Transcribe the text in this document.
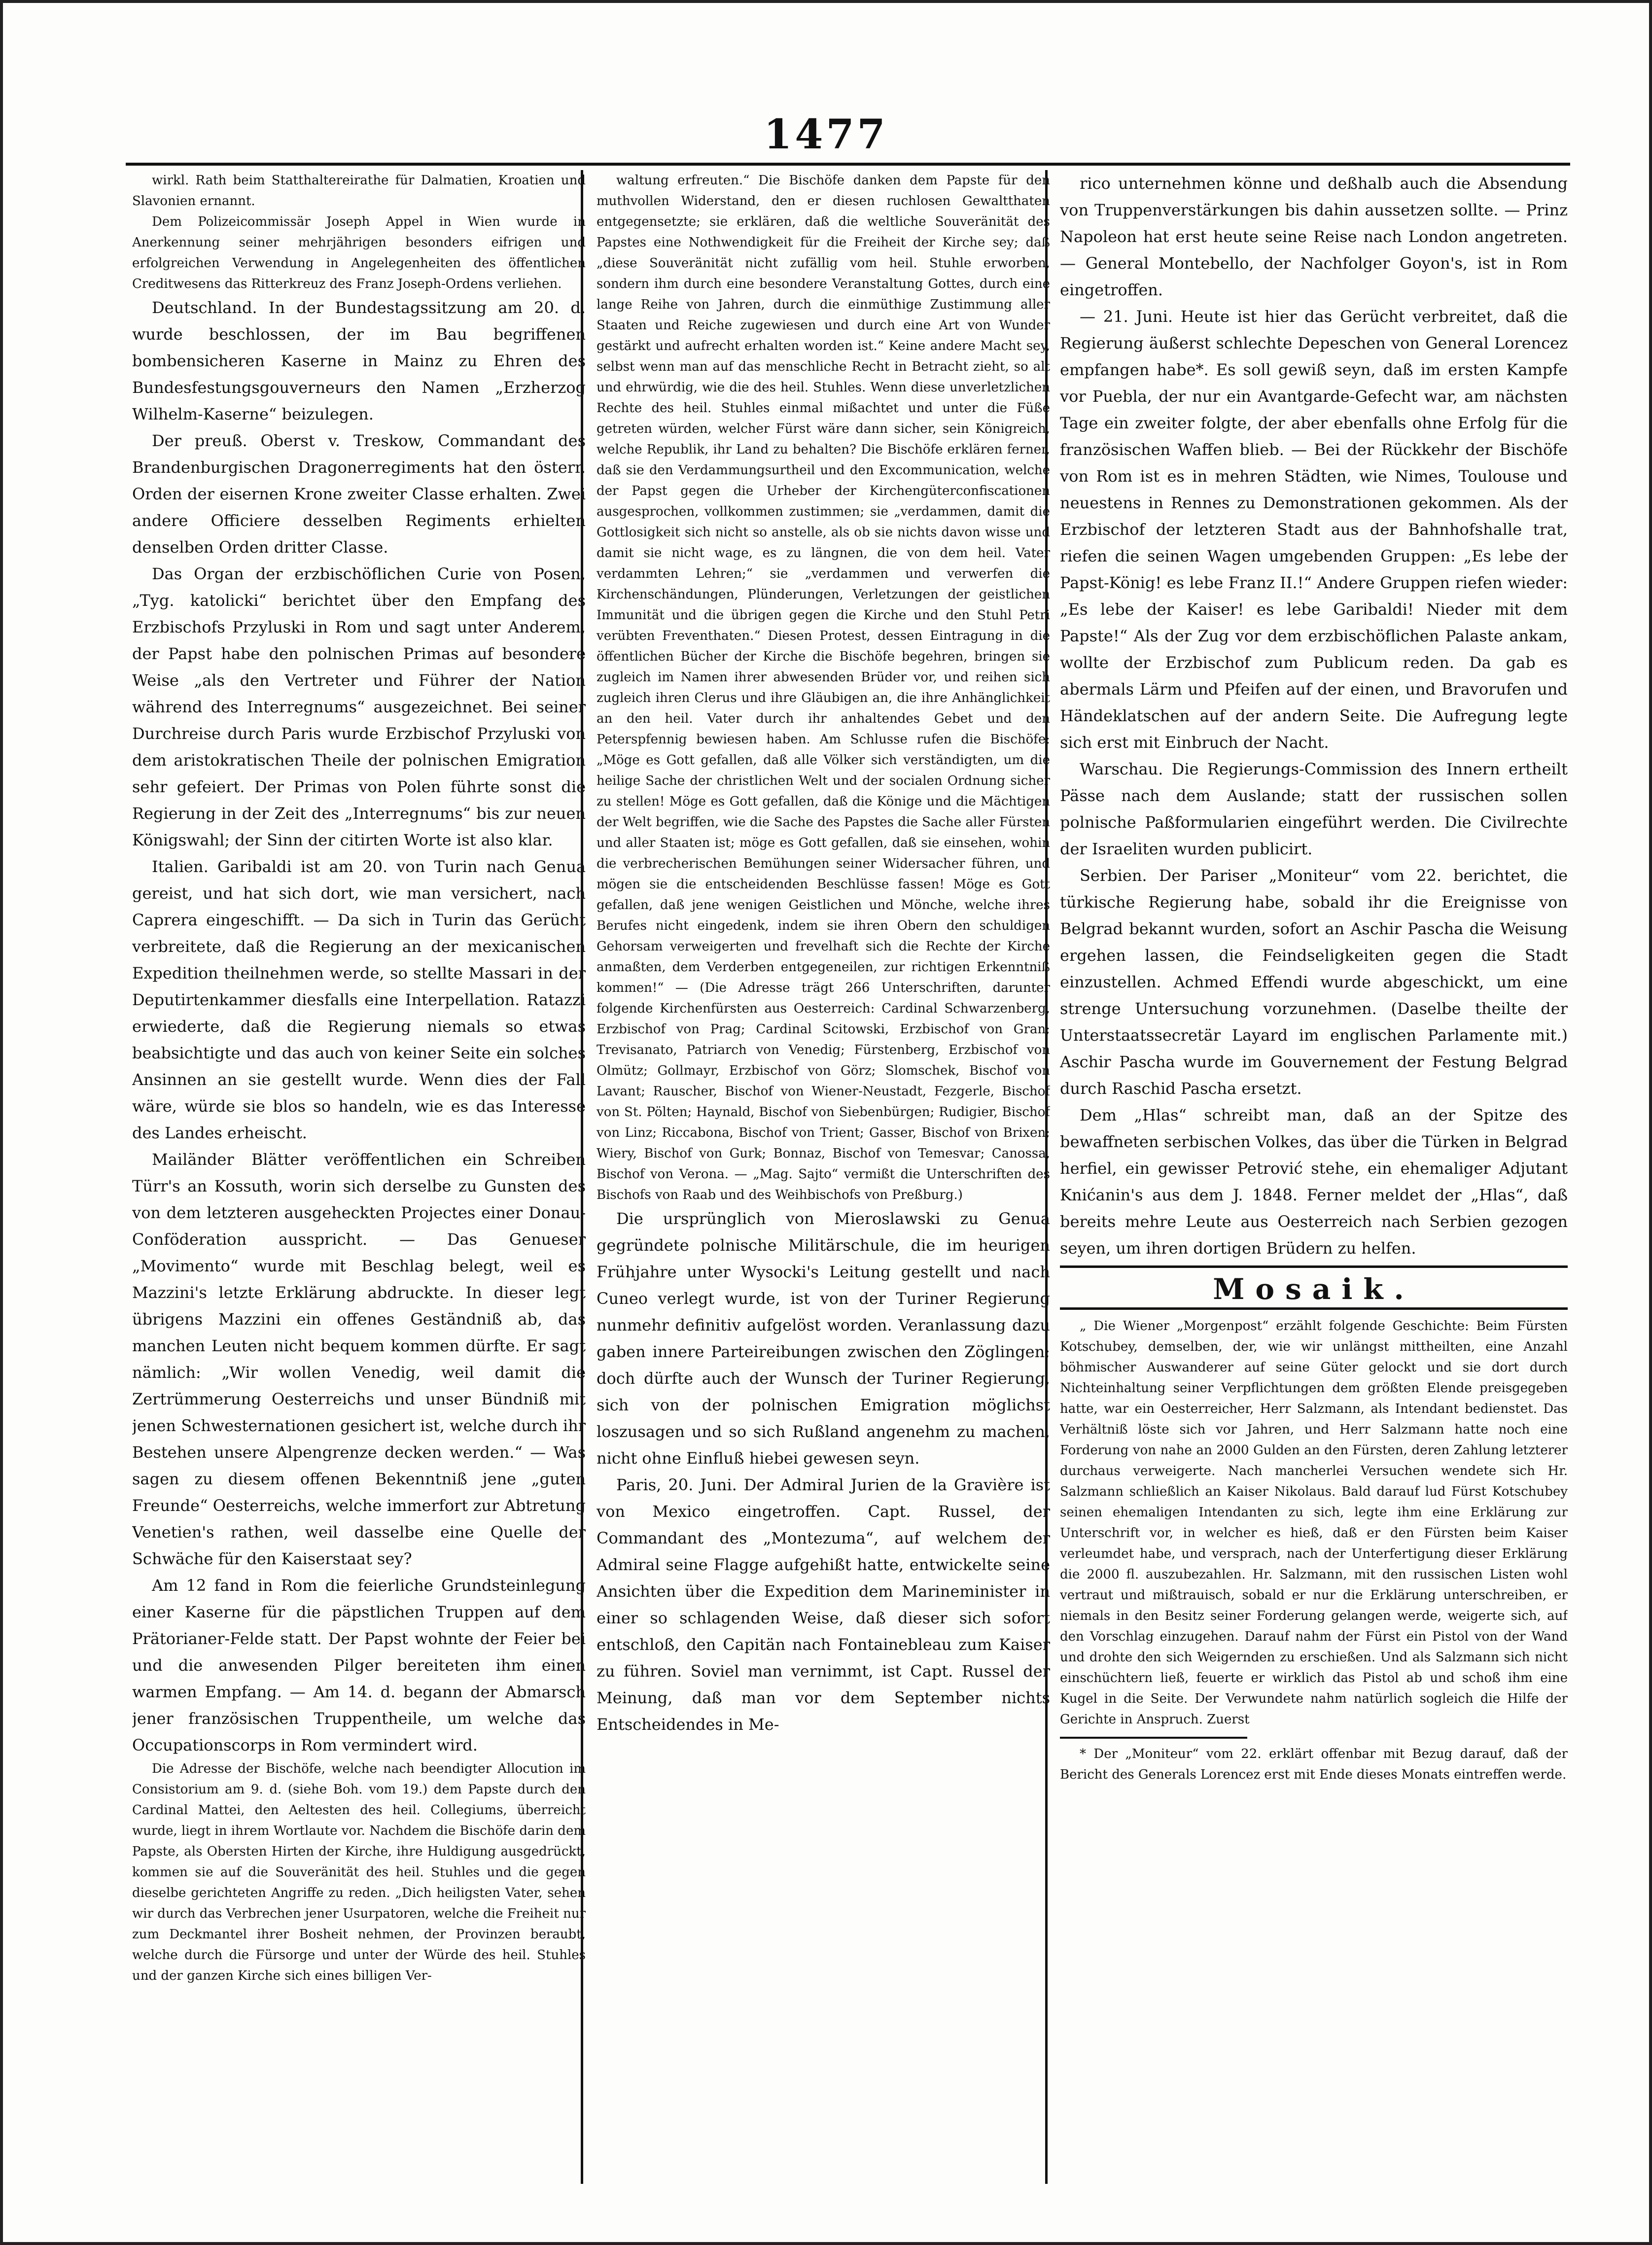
1477

wirkl. Rath beim Statthaltereirathe für Dalmatien, Kroatien und Slavonien ernannt.

Dem Polizeicommissär Joseph Appel in Wien wurde in Anerkennung seiner mehrjährigen besonders eifrigen und erfolgreichen Verwendung in Angelegenheiten des öffentlichen Creditwesens das Ritterkreuz des Franz Joseph-Ordens verliehen.

Deutschland. In der Bundestagssitzung am 20. d. wurde beschlossen, der im Bau begriffenen bombensicheren Kaserne in Mainz zu Ehren des Bundesfestungsgouverneurs den Namen „Erzherzog Wilhelm-Kaserne“ beizulegen.

Der preuß. Oberst v. Treskow, Commandant des Brandenburgischen Dragonerregiments hat den österr. Orden der eisernen Krone zweiter Classe erhalten. Zwei andere Officiere desselben Regiments erhielten denselben Orden dritter Classe.

Das Organ der erzbischöflichen Curie von Posen, „Tyg. katolicki“ berichtet über den Empfang des Erzbischofs Przyluski in Rom und sagt unter Anderem, der Papst habe den polnischen Primas auf besondere Weise „als den Vertreter und Führer der Nation während des Interregnums“ ausgezeichnet. Bei seiner Durchreise durch Paris wurde Erzbischof Przyluski von dem aristokratischen Theile der polnischen Emigration sehr gefeiert. Der Primas von Polen führte sonst die Regierung in der Zeit des „Interregnums“ bis zur neuen Königswahl; der Sinn der citirten Worte ist also klar.

Italien. Garibaldi ist am 20. von Turin nach Genua gereist, und hat sich dort, wie man versichert, nach Caprera eingeschifft. — Da sich in Turin das Gerücht verbreitete, daß die Regierung an der mexicanischen Expedition theilnehmen werde, so stellte Massari in der Deputirtenkammer diesfalls eine Interpellation. Ratazzi erwiederte, daß die Regierung niemals so etwas beabsichtigte und das auch von keiner Seite ein solches Ansinnen an sie gestellt wurde. Wenn dies der Fall wäre, würde sie blos so handeln, wie es das Interesse des Landes erheischt.

Mailänder Blätter veröffentlichen ein Schreiben Türr's an Kossuth, worin sich derselbe zu Gunsten des von dem letzteren ausgeheckten Projectes einer Donau-Conföderation ausspricht. — Das Genueser „Movimento“ wurde mit Beschlag belegt, weil es Mazzini's letzte Erklärung abdruckte. In dieser legt übrigens Mazzini ein offenes Geständniß ab, das manchen Leuten nicht bequem kommen dürfte. Er sagt nämlich: „Wir wollen Venedig, weil damit die Zertrümmerung Oesterreichs und unser Bündniß mit jenen Schwesternationen gesichert ist, welche durch ihr Bestehen unsere Alpengrenze decken werden.“ — Was sagen zu diesem offenen Bekenntniß jene „guten Freunde“ Oesterreichs, welche immerfort zur Abtretung Venetien's rathen, weil dasselbe eine Quelle der Schwäche für den Kaiserstaat sey?

Am 12 fand in Rom die feierliche Grundsteinlegung einer Kaserne für die päpstlichen Truppen auf dem Prätorianer-Felde statt. Der Papst wohnte der Feier bei und die anwesenden Pilger bereiteten ihm einen warmen Empfang. — Am 14. d. begann der Abmarsch jener französischen Truppentheile, um welche das Occupationscorps in Rom vermindert wird.

Die Adresse der Bischöfe, welche nach beendigter Allocution im Consistorium am 9. d. (siehe Boh. vom 19.) dem Papste durch den Cardinal Mattei, den Aeltesten des heil. Collegiums, überreicht wurde, liegt in ihrem Wortlaute vor. Nachdem die Bischöfe darin dem Papste, als Obersten Hirten der Kirche, ihre Huldigung ausgedrückt, kommen sie auf die Souveränität des heil. Stuhles und die gegen dieselbe gerichteten Angriffe zu reden. „Dich heiligsten Vater, sehen wir durch das Verbrechen jener Usurpatoren, welche die Freiheit nur zum Deckmantel ihrer Bosheit nehmen, der Provinzen beraubt, welche durch die Fürsorge und unter der Würde des heil. Stuhles und der ganzen Kirche sich eines billigen Ver-

waltung erfreuten.“ Die Bischöfe danken dem Papste für den muthvollen Widerstand, den er diesen ruchlosen Gewaltthaten entgegensetzte; sie erklären, daß die weltliche Souveränität des Papstes eine Nothwendigkeit für die Freiheit der Kirche sey; daß „diese Souveränität nicht zufällig vom heil. Stuhle erworben, sondern ihm durch eine besondere Veranstaltung Gottes, durch eine lange Reihe von Jahren, durch die einmüthige Zustimmung aller Staaten und Reiche zugewiesen und durch eine Art von Wunder gestärkt und aufrecht erhalten worden ist.“ Keine andere Macht sey, selbst wenn man auf das menschliche Recht in Betracht zieht, so alt und ehrwürdig, wie die des heil. Stuhles. Wenn diese unverletzlichen Rechte des heil. Stuhles einmal mißachtet und unter die Füße getreten würden, welcher Fürst wäre dann sicher, sein Königreich, welche Republik, ihr Land zu behalten? Die Bischöfe erklären ferner, daß sie den Verdammungsurtheil und den Excommunication, welche der Papst gegen die Urheber der Kirchengüterconfiscationen ausgesprochen, vollkommen zustimmen; sie „verdammen, damit die Gottlosigkeit sich nicht so anstelle, als ob sie nichts davon wisse und damit sie nicht wage, es zu längnen, die von dem heil. Vater verdammten Lehren;“ sie „verdammen und verwerfen die Kirchenschändungen, Plünderungen, Verletzungen der geistlichen Immunität und die übrigen gegen die Kirche und den Stuhl Petri verübten Freventhaten.“ Diesen Protest, dessen Eintragung in die öffentlichen Bücher der Kirche die Bischöfe begehren, bringen sie zugleich im Namen ihrer abwesenden Brüder vor, und reihen sich zugleich ihren Clerus und ihre Gläubigen an, die ihre Anhänglichkeit an den heil. Vater durch ihr anhaltendes Gebet und den Peterspfennig bewiesen haben. Am Schlusse rufen die Bischöfe: „Möge es Gott gefallen, daß alle Völker sich verständigten, um die heilige Sache der christlichen Welt und der socialen Ordnung sicher zu stellen! Möge es Gott gefallen, daß die Könige und die Mächtigen der Welt begriffen, wie die Sache des Papstes die Sache aller Fürsten und aller Staaten ist; möge es Gott gefallen, daß sie einsehen, wohin die verbrecherischen Bemühungen seiner Widersacher führen, und mögen sie die entscheidenden Beschlüsse fassen! Möge es Gott gefallen, daß jene wenigen Geistlichen und Mönche, welche ihres Berufes nicht eingedenk, indem sie ihren Obern den schuldigen Gehorsam verweigerten und frevelhaft sich die Rechte der Kirche anmaßten, dem Verderben entgegeneilen, zur richtigen Erkenntniß kommen!“ — (Die Adresse trägt 266 Unterschriften, darunter folgende Kirchenfürsten aus Oesterreich: Cardinal Schwarzenberg, Erzbischof von Prag; Cardinal Scitowski, Erzbischof von Gran; Trevisanato, Patriarch von Venedig; Fürstenberg, Erzbischof von Olmütz; Gollmayr, Erzbischof von Görz; Slomschek, Bischof von Lavant; Rauscher, Bischof von Wiener-Neustadt, Fezgerle, Bischof von St. Pölten; Haynald, Bischof von Siebenbürgen; Rudigier, Bischof von Linz; Riccabona, Bischof von Trient; Gasser, Bischof von Brixen; Wiery, Bischof von Gurk; Bonnaz, Bischof von Temesvar; Canossa, Bischof von Verona. — „Mag. Sajto“ vermißt die Unterschriften des Bischofs von Raab und des Weihbischofs von Preßburg.)

Die ursprünglich von Mieroslawski zu Genua gegründete polnische Militärschule, die im heurigen Frühjahre unter Wysocki's Leitung gestellt und nach Cuneo verlegt wurde, ist von der Turiner Regierung nunmehr definitiv aufgelöst worden. Veranlassung dazu gaben innere Parteireibungen zwischen den Zöglingen; doch dürfte auch der Wunsch der Turiner Regierung, sich von der polnischen Emigration möglichst loszusagen und so sich Rußland angenehm zu machen, nicht ohne Einfluß hiebei gewesen seyn.

Paris, 20. Juni. Der Admiral Jurien de la Gravière ist von Mexico eingetroffen. Capt. Russel, der Commandant des „Montezuma“, auf welchem der Admiral seine Flagge aufgehißt hatte, entwickelte seine Ansichten über die Expedition dem Marineminister in einer so schlagenden Weise, daß dieser sich sofort entschloß, den Capitän nach Fontainebleau zum Kaiser zu führen. Soviel man vernimmt, ist Capt. Russel der Meinung, daß man vor dem September nichts Entscheidendes in Me-

rico unternehmen könne und deßhalb auch die Absendung von Truppenverstärkungen bis dahin aussetzen sollte. — Prinz Napoleon hat erst heute seine Reise nach London angetreten. — General Montebello, der Nachfolger Goyon's, ist in Rom eingetroffen.

— 21. Juni. Heute ist hier das Gerücht verbreitet, daß die Regierung äußerst schlechte Depeschen von General Lorencez empfangen habe*. Es soll gewiß seyn, daß im ersten Kampfe vor Puebla, der nur ein Avantgarde-Gefecht war, am nächsten Tage ein zweiter folgte, der aber ebenfalls ohne Erfolg für die französischen Waffen blieb. — Bei der Rückkehr der Bischöfe von Rom ist es in mehren Städten, wie Nimes, Toulouse und neuestens in Rennes zu Demonstrationen gekommen. Als der Erzbischof der letzteren Stadt aus der Bahnhofshalle trat, riefen die seinen Wagen umgebenden Gruppen: „Es lebe der Papst-König! es lebe Franz II.!“ Andere Gruppen riefen wieder: „Es lebe der Kaiser! es lebe Garibaldi! Nieder mit dem Papste!“ Als der Zug vor dem erzbischöflichen Palaste ankam, wollte der Erzbischof zum Publicum reden. Da gab es abermals Lärm und Pfeifen auf der einen, und Bravorufen und Händeklatschen auf der andern Seite. Die Aufregung legte sich erst mit Einbruch der Nacht.

Warschau. Die Regierungs-Commission des Innern ertheilt Pässe nach dem Auslande; statt der russischen sollen polnische Paßformularien eingeführt werden. Die Civilrechte der Israeliten wurden publicirt.

Serbien. Der Pariser „Moniteur“ vom 22. berichtet, die türkische Regierung habe, sobald ihr die Ereignisse von Belgrad bekannt wurden, sofort an Aschir Pascha die Weisung ergehen lassen, die Feindseligkeiten gegen die Stadt einzustellen. Achmed Effendi wurde abgeschickt, um eine strenge Untersuchung vorzunehmen. (Daselbe theilte der Unterstaatssecretär Layard im englischen Parlamente mit.) Aschir Pascha wurde im Gouvernement der Festung Belgrad durch Raschid Pascha ersetzt.

Dem „Hlas“ schreibt man, daß an der Spitze des bewaffneten serbischen Volkes, das über die Türken in Belgrad herfiel, ein gewisser Petrović stehe, ein ehemaliger Adjutant Knićanin's aus dem J. 1848. Ferner meldet der „Hlas“, daß bereits mehre Leute aus Oesterreich nach Serbien gezogen seyen, um ihren dortigen Brüdern zu helfen.

Mosaik.

„ Die Wiener „Morgenpost“ erzählt folgende Geschichte: Beim Fürsten Kotschubey, demselben, der, wie wir unlängst mittheilten, eine Anzahl böhmischer Auswanderer auf seine Güter gelockt und sie dort durch Nichteinhaltung seiner Verpflichtungen dem größten Elende preisgegeben hatte, war ein Oesterreicher, Herr Salzmann, als Intendant bedienstet. Das Verhältniß löste sich vor Jahren, und Herr Salzmann hatte noch eine Forderung von nahe an 2000 Gulden an den Fürsten, deren Zahlung letzterer durchaus verweigerte. Nach mancherlei Versuchen wendete sich Hr. Salzmann schließlich an Kaiser Nikolaus. Bald darauf lud Fürst Kotschubey seinen ehemaligen Intendanten zu sich, legte ihm eine Erklärung zur Unterschrift vor, in welcher es hieß, daß er den Fürsten beim Kaiser verleumdet habe, und versprach, nach der Unterfertigung dieser Erklärung die 2000 fl. auszubezahlen. Hr. Salzmann, mit den russischen Listen wohl vertraut und mißtrauisch, sobald er nur die Erklärung unterschreiben, er niemals in den Besitz seiner Forderung gelangen werde, weigerte sich, auf den Vorschlag einzugehen. Darauf nahm der Fürst ein Pistol von der Wand und drohte den sich Weigernden zu erschießen. Und als Salzmann sich nicht einschüchtern ließ, feuerte er wirklich das Pistol ab und schoß ihm eine Kugel in die Seite. Der Verwundete nahm natürlich sogleich die Hilfe der Gerichte in Anspruch. Zuerst

* Der „Moniteur“ vom 22. erklärt offenbar mit Bezug darauf, daß der Bericht des Generals Lorencez erst mit Ende dieses Monats eintreffen werde.
